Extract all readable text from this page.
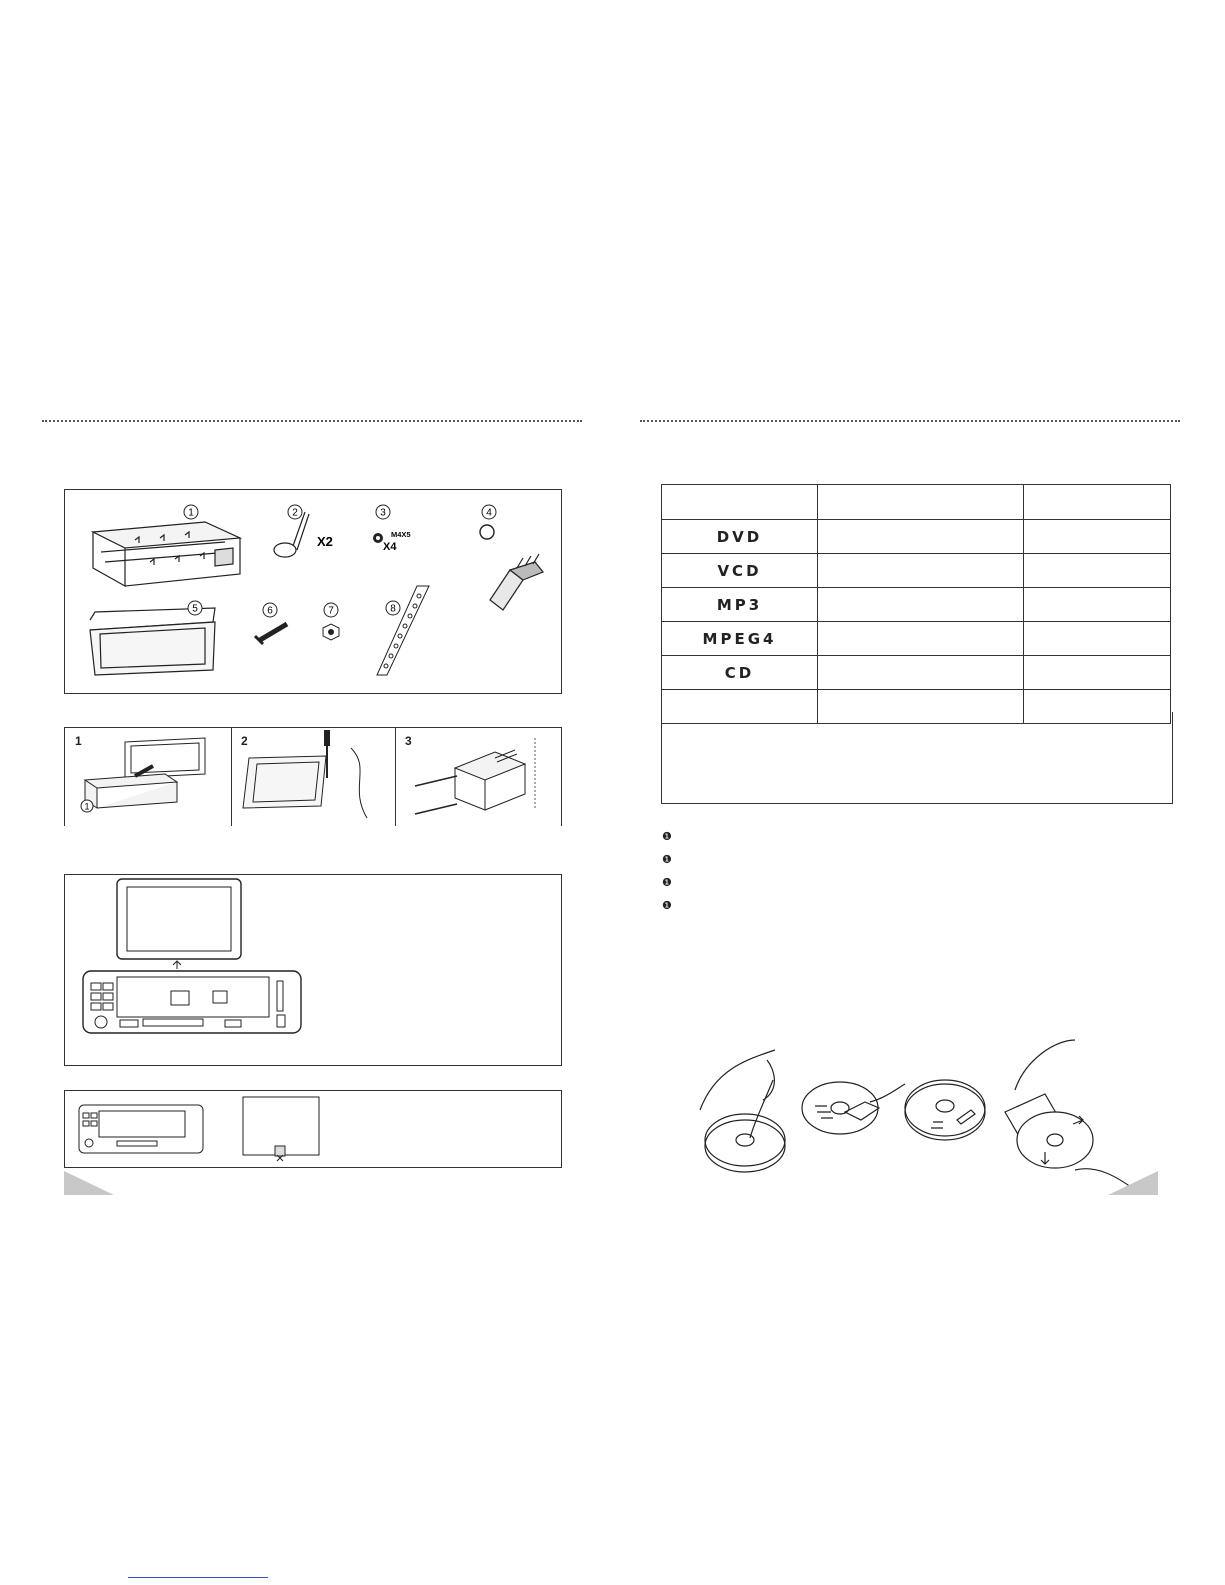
1	2
X2
3
M4X5
X4
4
5	6	7	8
1
1
2	3

DVD		
VCD		
MP3		
MPEG4		
CD		

❶
❶
❶
❶
